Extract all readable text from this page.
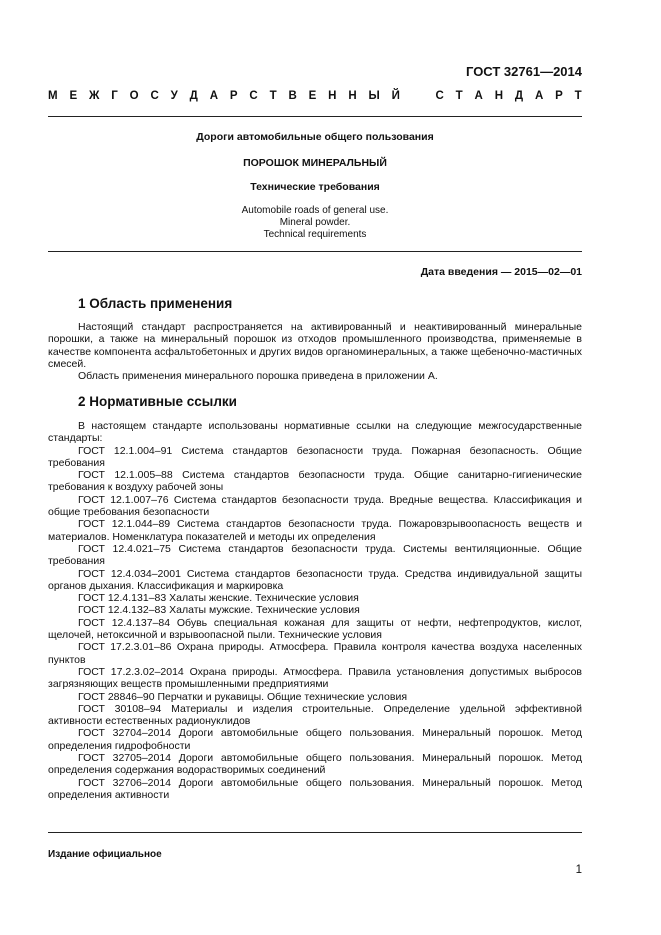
ГОСТ 32761—2014
М Е Ж Г О С У Д А Р С Т В Е Н Н Ы Й	С Т А Н Д А Р Т
Дороги автомобильные общего пользования
ПОРОШОК МИНЕРАЛЬНЫЙ
Технические требования
Automobile roads of general use.
Mineral powder.
Technical requirements
Дата введения — 2015—02—01
1 Область применения

Настоящий стандарт распространяется на активированный и неактивированный минеральные порошки, а также на минеральный порошок из отходов промышленного производства, применяемые в качестве компонента асфальтобетонных и других видов органоминеральных, а также щебеночно-мастичных смесей.

Область применения минерального порошка приведена в приложении А.

2 Нормативные ссылки

В настоящем стандарте использованы нормативные ссылки на следующие межгосударственные стандарты:

ГОСТ 12.1.004–91 Система стандартов безопасности труда. Пожарная безопасность. Общие требования

ГОСТ 12.1.005–88 Система стандартов безопасности труда. Общие санитарно-гигиенические требования к воздуху рабочей зоны

ГОСТ 12.1.007–76 Система стандартов безопасности труда. Вредные вещества. Классификация и общие требования безопасности

ГОСТ 12.1.044–89 Система стандартов безопасности труда. Пожаровзрывоопасность веществ и материалов. Номенклатура показателей и методы их определения

ГОСТ 12.4.021–75 Система стандартов безопасности труда. Системы вентиляционные. Общие требования

ГОСТ 12.4.034–2001 Система стандартов безопасности труда. Средства индивидуальной защиты органов дыхания. Классификация и маркировка

ГОСТ 12.4.131–83 Халаты женские. Технические условия

ГОСТ 12.4.132–83 Халаты мужские. Технические условия

ГОСТ 12.4.137–84 Обувь специальная кожаная для защиты от нефти, нефтепродуктов, кислот, щелочей, нетоксичной и взрывоопасной пыли. Технические условия

ГОСТ 17.2.3.01–86 Охрана природы. Атмосфера. Правила контроля качества воздуха населенных пунктов

ГОСТ 17.2.3.02–2014 Охрана природы. Атмосфера. Правила установления допустимых выбросов загрязняющих веществ промышленными предприятиями

ГОСТ 28846–90 Перчатки и рукавицы. Общие технические условия

ГОСТ 30108–94 Материалы и изделия строительные. Определение удельной эффективной активности естественных радионуклидов

ГОСТ 32704–2014 Дороги автомобильные общего пользования. Минеральный порошок. Метод определения гидрофобности

ГОСТ 32705–2014 Дороги автомобильные общего пользования. Минеральный порошок. Метод определения содержания водорастворимых соединений

ГОСТ 32706–2014 Дороги автомобильные общего пользования. Минеральный порошок. Метод определения активности

Издание официальное
1
